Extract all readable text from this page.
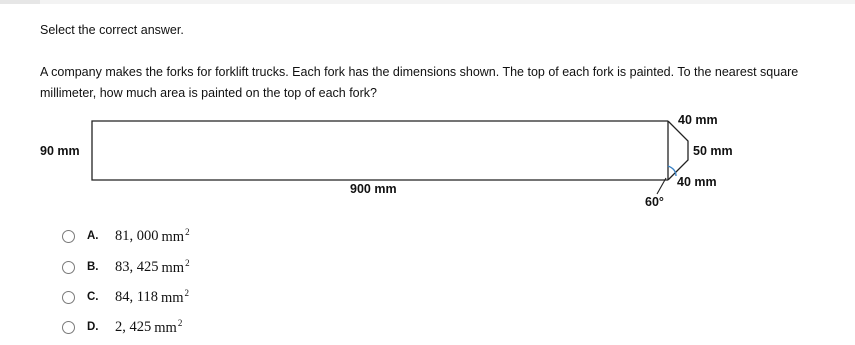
Select the correct answer.
A company makes the forks for forklift trucks. Each fork has the dimensions shown. The top of each fork is painted. To the nearest square millimeter, how much area is painted on the top of each fork?
90 mm
900 mm
40 mm
50 mm
40 mm
60°
A.	81, 000 $mm^2$
B.	83, 425 $mm^2$
C.	84, 118 $mm^2$
D.	2, 425 $mm^2$
